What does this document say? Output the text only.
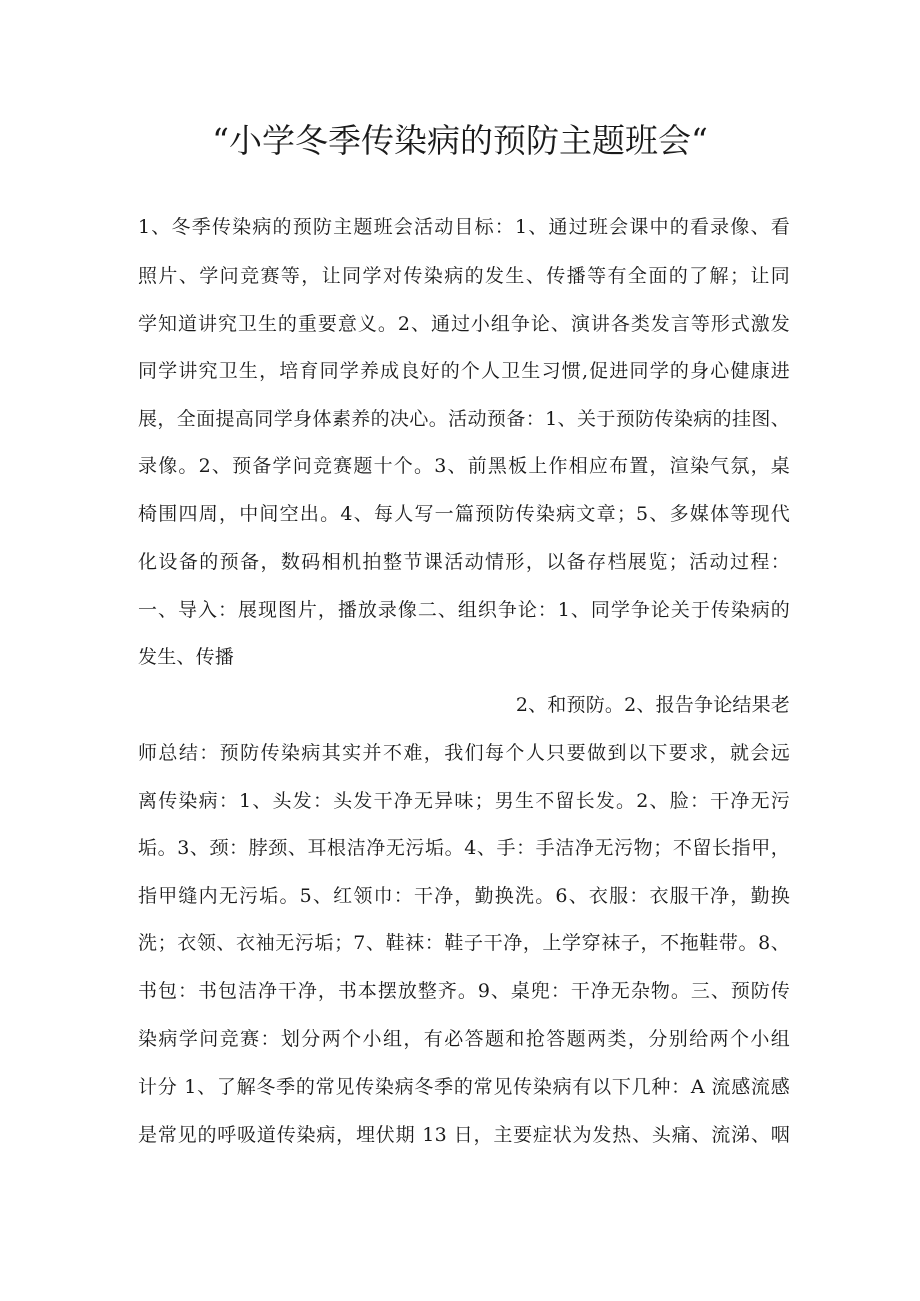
“小学冬季传染病的预防主题班会“
1、冬季传染病的预防主题班会活动目标：1、通过班会课中的看录像、看
照片、学问竞赛等，让同学对传染病的发生、传播等有全面的了解；让同
学知道讲究卫生的重要意义。2、通过小组争论、演讲各类发言等形式激发
同学讲究卫生，培育同学养成良好的个人卫生习惯,促进同学的身心健康进
展，全面提高同学身体素养的决心。活动预备：1、关于预防传染病的挂图、
录像。2、预备学问竞赛题十个。3、前黑板上作相应布置，渲染气氛，桌
椅围四周，中间空出。4、每人写一篇预防传染病文章；5、多媒体等现代
化设备的预备，数码相机拍整节课活动情形，以备存档展览；活动过程：
一、导入：展现图片，播放录像二、组织争论：1、同学争论关于传染病的
发生、传播
2、和预防。2、报告争论结果老
师总结：预防传染病其实并不难，我们每个人只要做到以下要求，就会远
离传染病：1、头发：头发干净无异味；男生不留长发。2、脸：干净无污
垢。3、颈：脖颈、耳根洁净无污垢。4、手：手洁净无污物；不留长指甲，
指甲缝内无污垢。5、红领巾：干净，勤换洗。6、衣服：衣服干净，勤换
洗；衣领、衣袖无污垢；7、鞋袜：鞋子干净，上学穿袜子，不拖鞋带。8、
书包：书包洁净干净，书本摆放整齐。9、桌兜：干净无杂物。三、预防传
染病学问竞赛：划分两个小组，有必答题和抢答题两类，分别给两个小组
计分 1、了解冬季的常见传染病冬季的常见传染病有以下几种：A 流感流感
是常见的呼吸道传染病，埋伏期 13 日，主要症状为发热、头痛、流涕、咽
